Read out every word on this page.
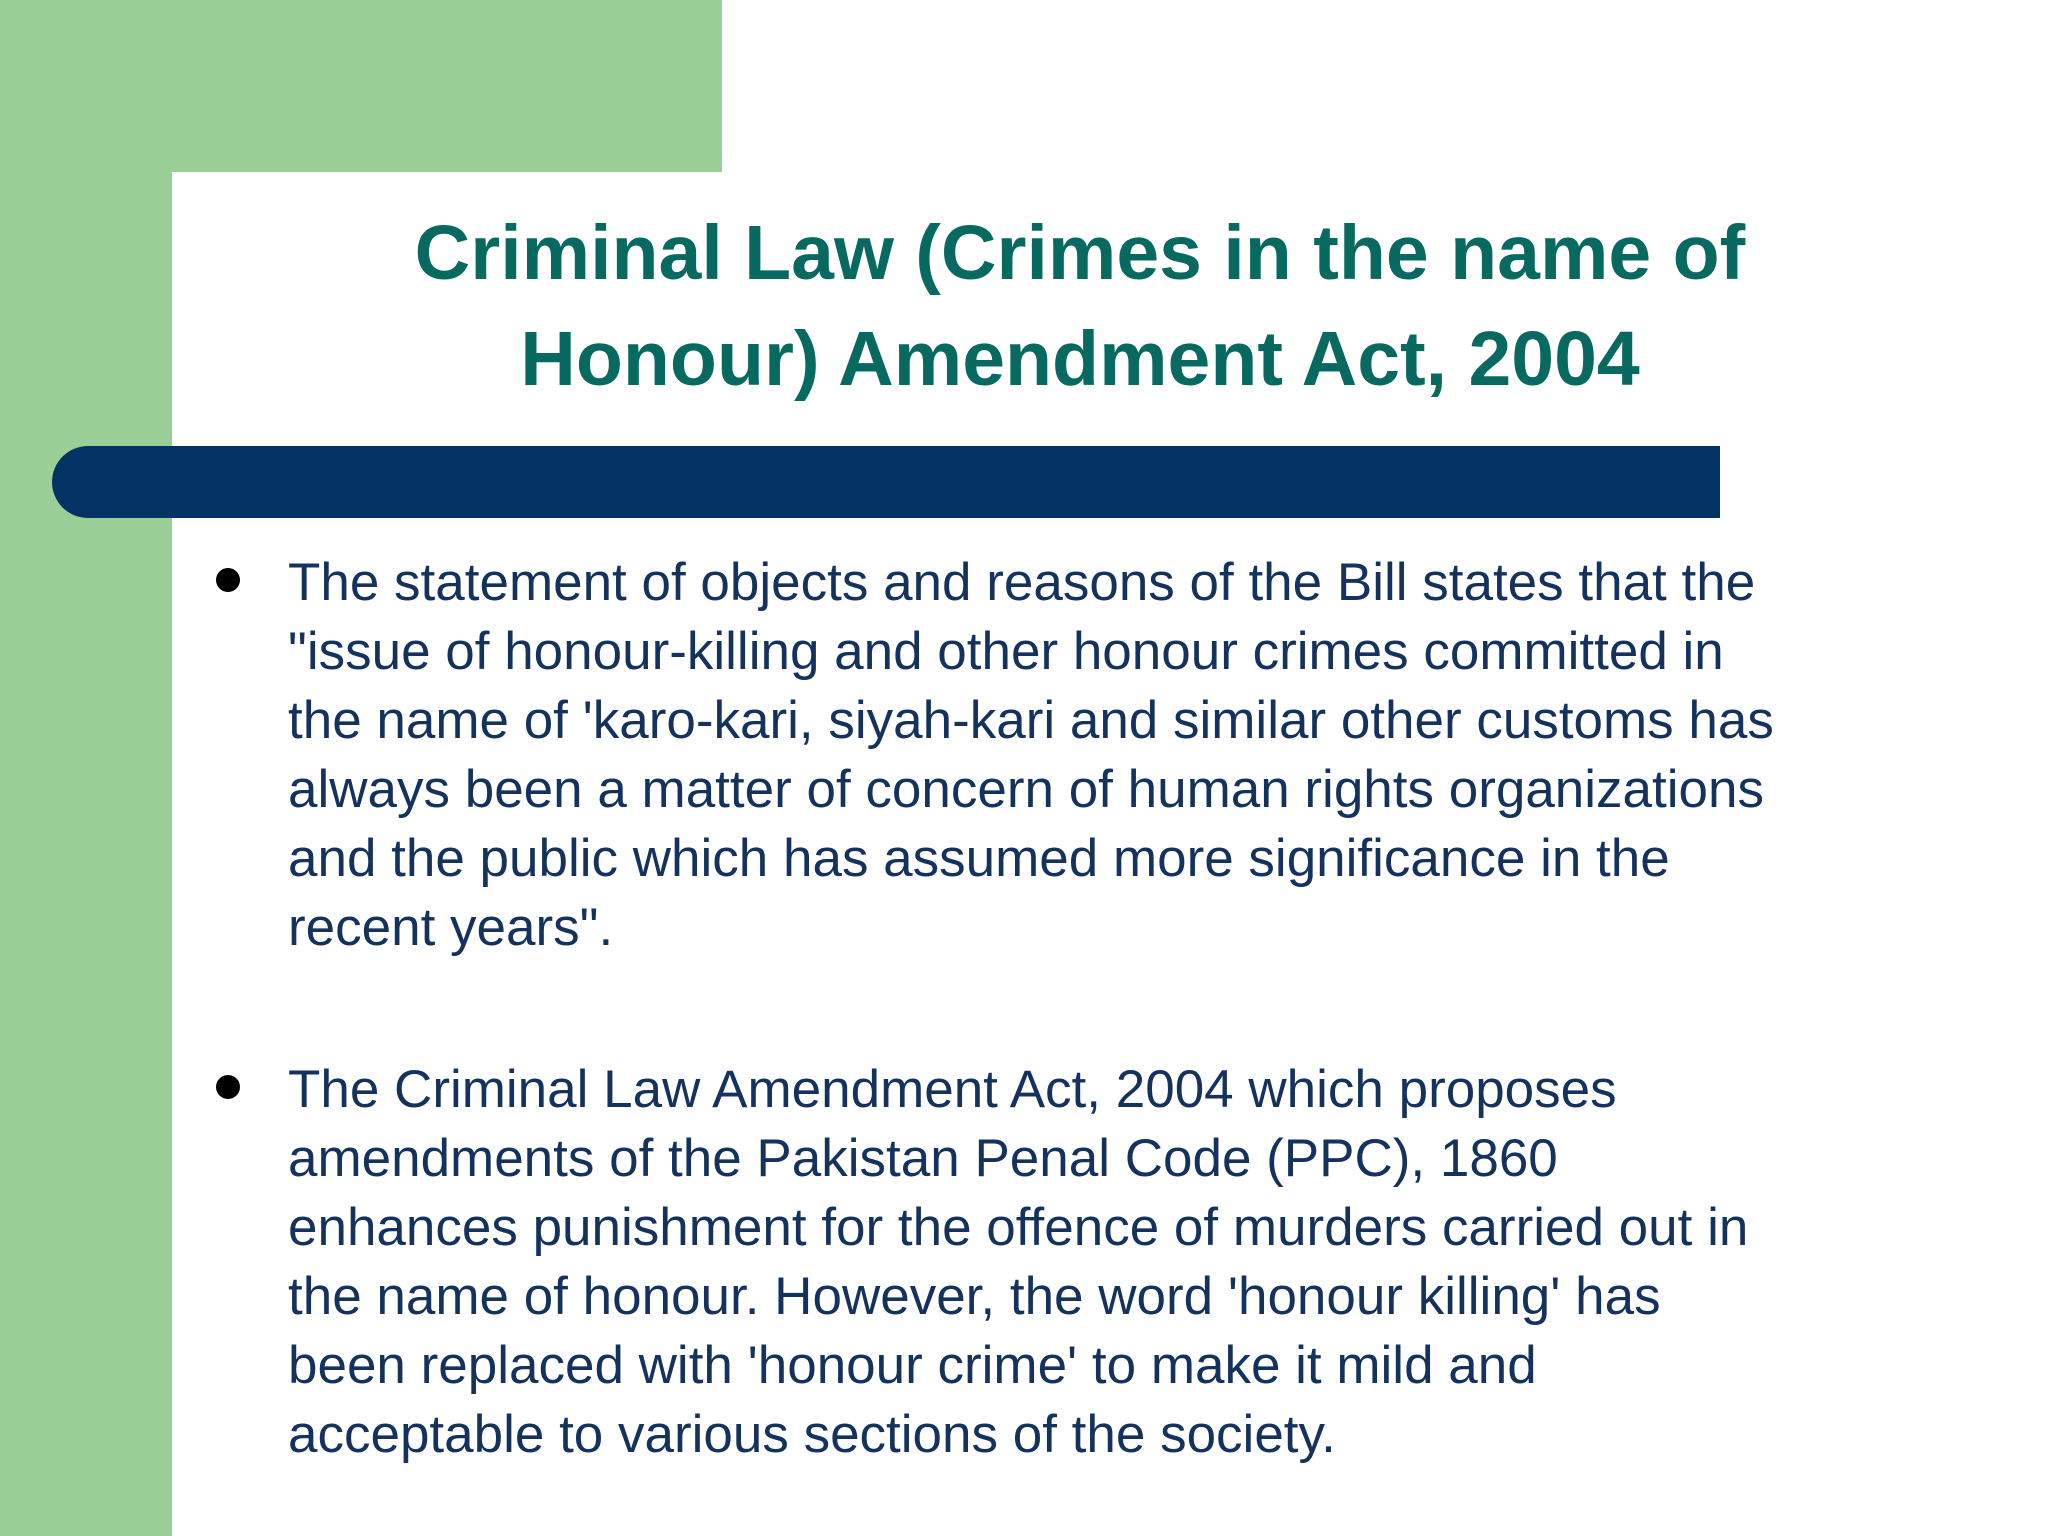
Criminal Law (Crimes in the name of
Honour) Amendment Act, 2004
The statement of objects and reasons of the Bill states that the
"issue of honour-killing and other honour crimes committed in
the name of 'karo-kari, siyah-kari and similar other customs has
always been a matter of concern of human rights organizations
and the public which has assumed more significance in the
recent years".
The Criminal Law Amendment Act, 2004 which proposes
amendments of the Pakistan Penal Code (PPC), 1860
enhances punishment for the offence of murders carried out in
the name of honour. However, the word 'honour killing' has
been replaced with 'honour crime' to make it mild and
acceptable to various sections of the society.
